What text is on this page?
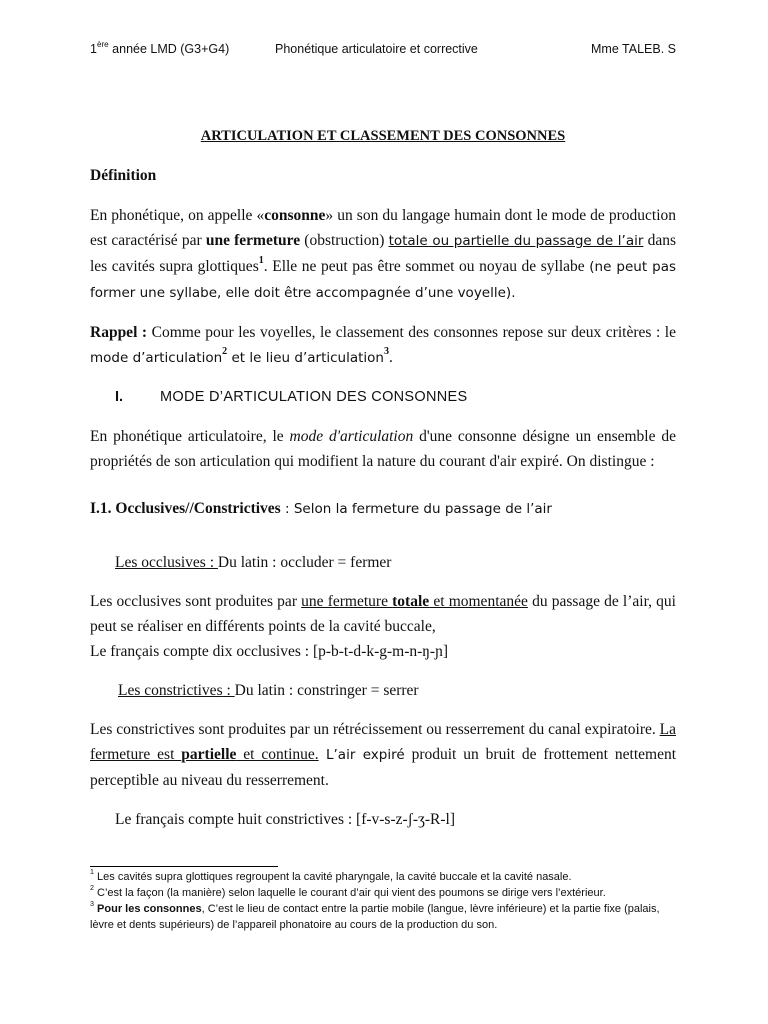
1ère année LMD (G3+G4)	Phonétique articulatoire et corrective	Mme TALEB. S
ARTICULATION ET CLASSEMENT DES CONSONNES
Définition

En phonétique, on appelle «consonne» un son du langage humain dont le mode de production est caractérisé par une fermeture (obstruction) totale ou partielle du passage de l’air dans les cavités supra glottiques$^1$. Elle ne peut pas être sommet ou noyau de syllabe (ne peut pas former une syllabe, elle doit être accompagnée d’une voyelle).

Rappel : Comme pour les voyelles, le classement des consonnes repose sur deux critères : le mode d’articulation$^2$ et le lieu d’articulation$^3$.

I.	MODE D’ARTICULATION DES CONSONNES

En phonétique articulatoire, le mode d'articulation d'une consonne désigne un ensemble de propriétés de son articulation qui modifient la nature du courant d'air expiré. On distingue :

I.1. Occlusives//Constrictives : Selon la fermeture du passage de l’air

Les occlusives : Du latin : occluder = fermer

Les occlusives sont produites par une fermeture totale et momentanée du passage de l’air, qui peut se réaliser en différents points de la cavité buccale,

Le français compte dix occlusives : [p-b-t-d-k-g-m-n-ŋ-ɲ]

Les constrictives : Du latin : constringer = serrer

Les constrictives sont produites par un rétrécissement ou resserrement du canal expiratoire. La fermeture est partielle et continue. L’air expiré produit un bruit de frottement nettement perceptible au niveau du resserrement.

Le français compte huit constrictives : [f-v-s-z-ʃ-ʒ-R-l]

$^1$ Les cavités supra glottiques regroupent la cavité pharyngale, la cavité buccale et la cavité nasale.
$^2$ C’est la façon (la manière) selon laquelle le courant d’air qui vient des poumons se dirige vers l’extérieur.
$^3$ Pour les consonnes, C’est le lieu de contact entre la partie mobile (langue, lèvre inférieure) et la partie fixe (palais, lèvre et dents supérieurs) de l’appareil phonatoire au cours de la production du son.
